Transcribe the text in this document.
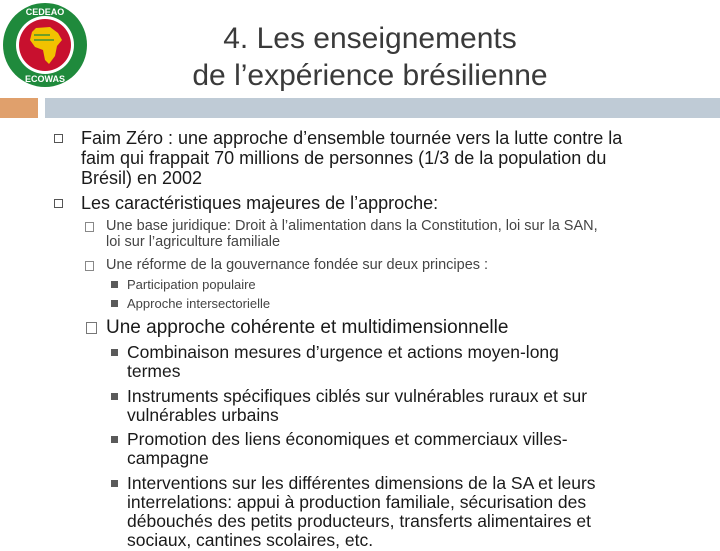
CEDEAO
ECOWAS
4. Les enseignements
de l’expérience brésilienne
Faim Zéro : une approche d’ensemble tournée vers la lutte contre la
faim qui frappait 70 millions de personnes (1/3 de la population du
Brésil) en 2002
Les caractéristiques majeures de l’approche:
Une base juridique: Droit à l’alimentation dans la Constitution, loi sur la SAN,
loi sur l’agriculture familiale
Une réforme de la gouvernance fondée sur deux principes :
Participation populaire
Approche intersectorielle
Une approche cohérente et multidimensionnelle
Combinaison mesures d’urgence et actions moyen-long
termes
Instruments spécifiques ciblés sur vulnérables ruraux et sur
vulnérables urbains
Promotion des liens économiques et commerciaux villes-
campagne
Interventions sur les différentes dimensions de la SA et leurs
interrelations: appui à production familiale, sécurisation des
débouchés des petits producteurs, transferts alimentaires et
sociaux, cantines scolaires, etc.
